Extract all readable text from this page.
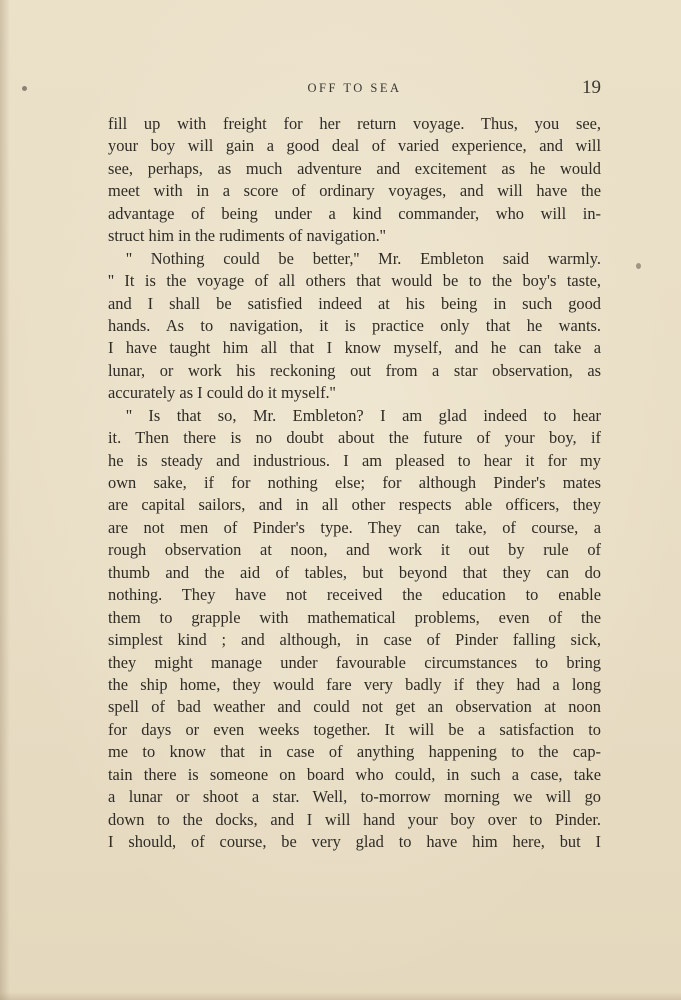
OFF TO SEA	19
fill up with freight for her return voyage. Thus, you see,
your boy will gain a good deal of varied experience, and will
see, perhaps, as much adventure and excitement as he would
meet with in a score of ordinary voyages, and will have the
advantage of being under a kind commander, who will in-
struct him in the rudiments of navigation.''
'' Nothing could be better,'' Mr. Embleton said warmly.
'' It is the voyage of all others that would be to the boy's taste,
and I shall be satisfied indeed at his being in such good
hands. As to navigation, it is practice only that he wants.
I have taught him all that I know myself, and he can take a
lunar, or work his reckoning out from a star observation, as
accurately as I could do it myself.''
'' Is that so, Mr. Embleton? I am glad indeed to hear
it. Then there is no doubt about the future of your boy, if
he is steady and industrious. I am pleased to hear it for my
own sake, if for nothing else; for although Pinder's mates
are capital sailors, and in all other respects able officers, they
are not men of Pinder's type. They can take, of course, a
rough observation at noon, and work it out by rule of
thumb and the aid of tables, but beyond that they can do
nothing. They have not received the education to enable
them to grapple with mathematical problems, even of the
simplest kind ; and although, in case of Pinder falling sick,
they might manage under favourable circumstances to bring
the ship home, they would fare very badly if they had a long
spell of bad weather and could not get an observation at noon
for days or even weeks together. It will be a satisfaction to
me to know that in case of anything happening to the cap-
tain there is someone on board who could, in such a case, take
a lunar or shoot a star. Well, to-morrow morning we will go
down to the docks, and I will hand your boy over to Pinder.
I should, of course, be very glad to have him here, but I
